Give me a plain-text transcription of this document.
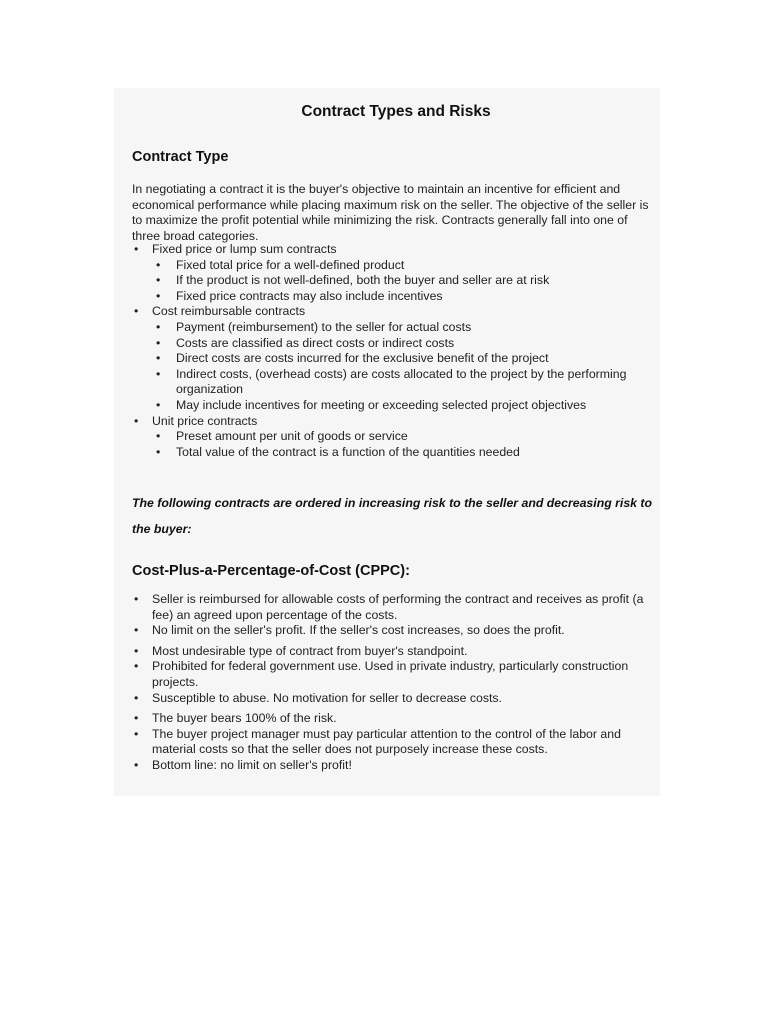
Contract Types and Risks
Contract Type

In negotiating a contract it is the buyer's objective to maintain an incentive for efficient and economical performance while placing maximum risk on the seller. The objective of the seller is to maximize the profit potential while minimizing the risk. Contracts generally fall into one of three broad categories.

• Fixed price or lump sum contracts
• Fixed total price for a well-defined product
• If the product is not well-defined, both the buyer and seller are at risk
• Fixed price contracts may also include incentives
• Cost reimbursable contracts
• Payment (reimbursement) to the seller for actual costs
• Costs are classified as direct costs or indirect costs
• Direct costs are costs incurred for the exclusive benefit of the project
• Indirect costs, (overhead costs) are costs allocated to the project by the performing organization
• May include incentives for meeting or exceeding selected project objectives
• Unit price contracts
• Preset amount per unit of goods or service
• Total value of the contract is a function of the quantities needed

The following contracts are ordered in increasing risk to the seller and decreasing risk to the buyer:

Cost-Plus-a-Percentage-of-Cost (CPPC):
• Seller is reimbursed for allowable costs of performing the contract and receives as profit (a fee) an agreed upon percentage of the costs.
• No limit on the seller's profit. If the seller's cost increases, so does the profit.
• Most undesirable type of contract from buyer's standpoint.
• Prohibited for federal government use. Used in private industry, particularly construction projects.
• Susceptible to abuse. No motivation for seller to decrease costs.
• The buyer bears 100% of the risk.
• The buyer project manager must pay particular attention to the control of the labor and material costs so that the seller does not purposely increase these costs.
• Bottom line: no limit on seller's profit!
